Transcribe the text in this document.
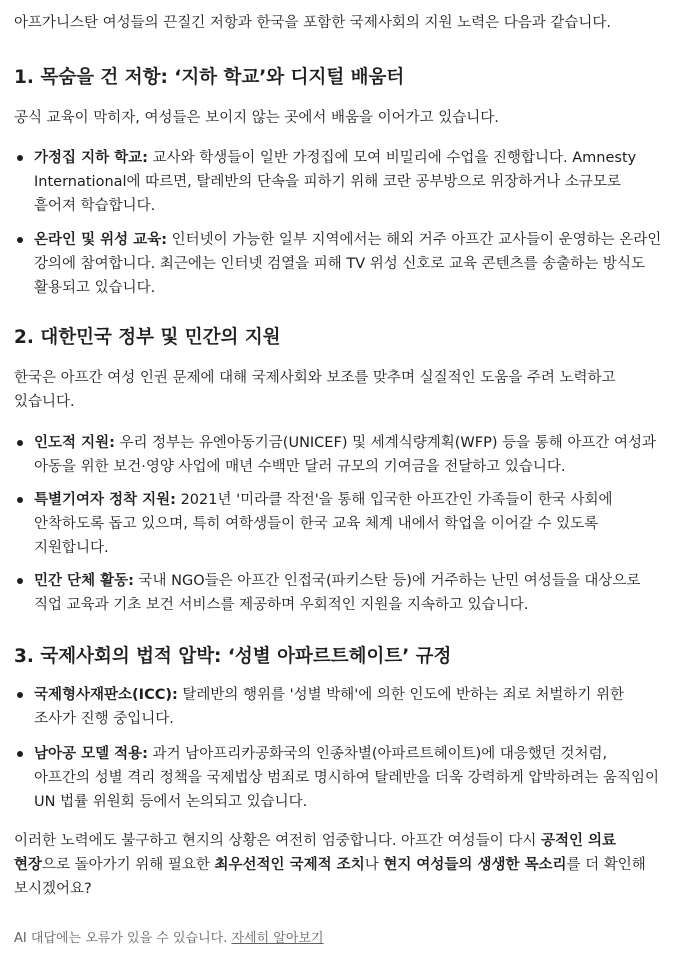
아프가니스탄 여성들의 끈질긴 저항과 한국을 포함한 국제사회의 지원 노력은 다음과 같습니다.

1. 목숨을 건 저항: ‘지하 학교’와 디지털 배움터

공식 교육이 막히자, 여성들은 보이지 않는 곳에서 배움을 이어가고 있습니다.

가정집 지하 학교: 교사와 학생들이 일반 가정집에 모여 비밀리에 수업을 진행합니다. Amnesty International에 따르면, 탈레반의 단속을 피하기 위해 코란 공부방으로 위장하거나 소규모로 흩어져 학습합니다.
온라인 및 위성 교육: 인터넷이 가능한 일부 지역에서는 해외 거주 아프간 교사들이 운영하는 온라인 강의에 참여합니다. 최근에는 인터넷 검열을 피해 TV 위성 신호로 교육 콘텐츠를 송출하는 방식도 활용되고 있습니다.
2. 대한민국 정부 및 민간의 지원

한국은 아프간 여성 인권 문제에 대해 국제사회와 보조를 맞추며 실질적인 도움을 주려 노력하고 있습니다.

인도적 지원: 우리 정부는 유엔아동기금(UNICEF) 및 세계식량계획(WFP) 등을 통해 아프간 여성과 아동을 위한 보건·영양 사업에 매년 수백만 달러 규모의 기여금을 전달하고 있습니다.
특별기여자 정착 지원: 2021년 '미라클 작전'을 통해 입국한 아프간인 가족들이 한국 사회에 안착하도록 돕고 있으며, 특히 여학생들이 한국 교육 체계 내에서 학업을 이어갈 수 있도록 지원합니다.
민간 단체 활동: 국내 NGO들은 아프간 인접국(파키스탄 등)에 거주하는 난민 여성들을 대상으로 직업 교육과 기초 보건 서비스를 제공하며 우회적인 지원을 지속하고 있습니다.
3. 국제사회의 법적 압박: ‘성별 아파르트헤이트’ 규정
국제형사재판소(ICC): 탈레반의 행위를 '성별 박해'에 의한 인도에 반하는 죄로 처벌하기 위한 조사가 진행 중입니다.
남아공 모델 적용: 과거 남아프리카공화국의 인종차별(아파르트헤이트)에 대응했던 것처럼, 아프간의 성별 격리 정책을 국제법상 범죄로 명시하여 탈레반을 더욱 강력하게 압박하려는 움직임이 UN 법률 위원회 등에서 논의되고 있습니다.

이러한 노력에도 불구하고 현지의 상황은 여전히 엄중합니다. 아프간 여성들이 다시 공적인 의료 현장으로 돌아가기 위해 필요한 최우선적인 국제적 조치나 현지 여성들의 생생한 목소리를 더 확인해 보시겠어요?

AI 대답에는 오류가 있을 수 있습니다. 자세히 알아보기
